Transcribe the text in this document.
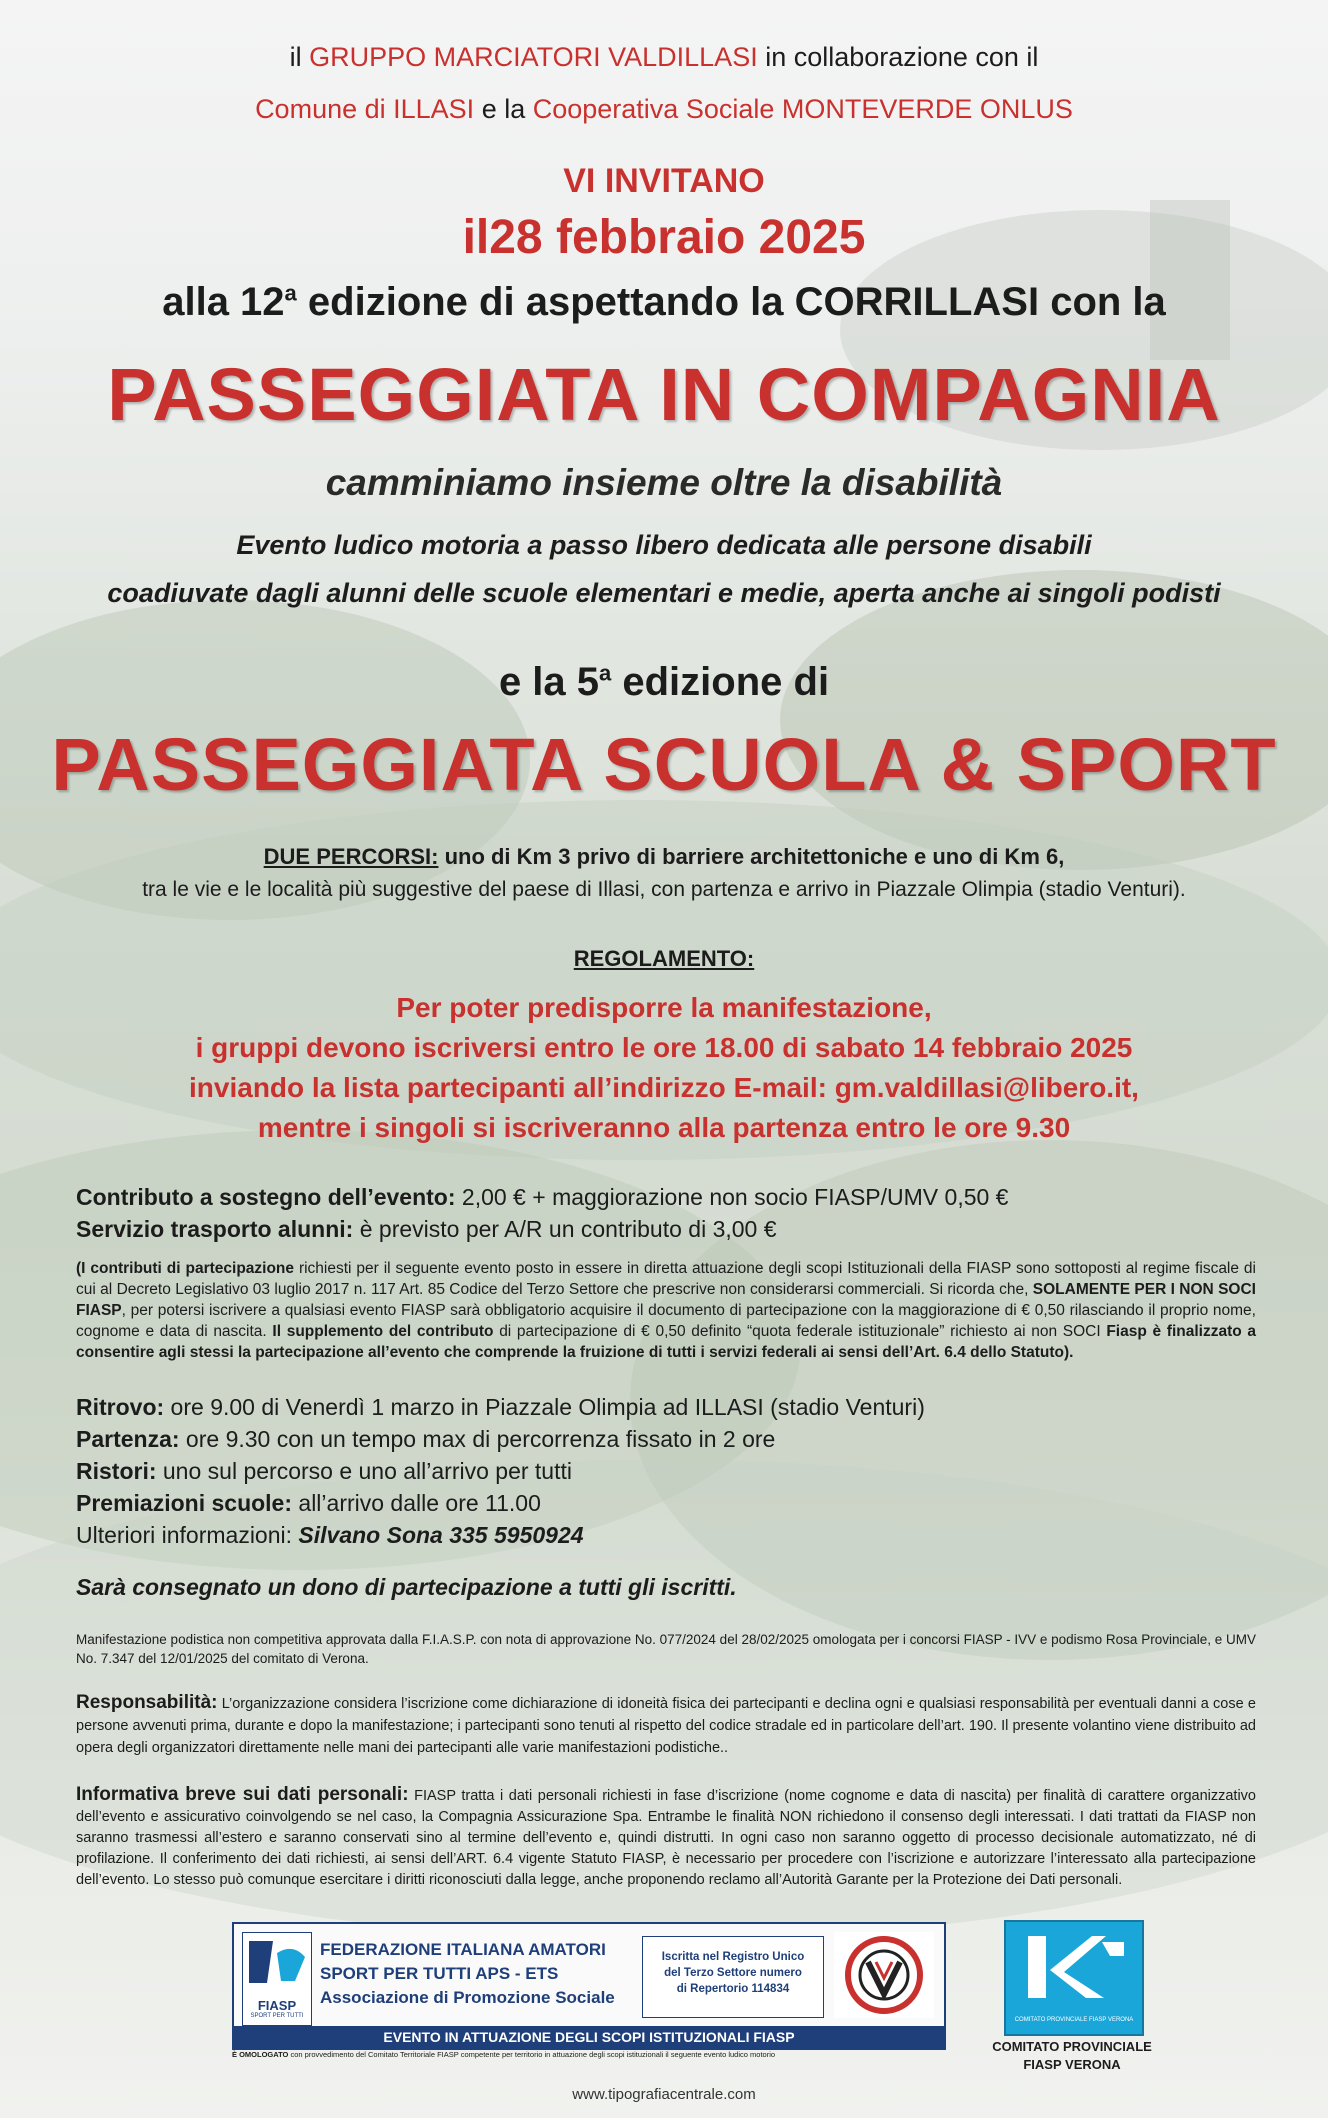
il GRUPPO MARCIATORI VALDILLASI in collaborazione con il
Comune di ILLASI e la Cooperativa Sociale MONTEVERDE ONLUS
VI INVITANO
il28 febbraio 2025
alla 12$^a$ edizione di aspettando la CORRILLASI con la
PASSEGGIATA IN COMPAGNIA
camminiamo insieme oltre la disabilità
Evento ludico motoria a passo libero dedicata alle persone disabili
coadiuvate dagli alunni delle scuole elementari e medie, aperta anche ai singoli podisti
e la 5$^a$ edizione di
PASSEGGIATA SCUOLA & SPORT
DUE PERCORSI: uno di Km 3 privo di barriere architettoniche e uno di Km 6,
tra le vie e le località più suggestive del paese di Illasi, con partenza e arrivo in Piazzale Olimpia (stadio Venturi).
REGOLAMENTO:
Per poter predisporre la manifestazione,
i gruppi devono iscriversi entro le ore 18.00 di sabato 14 febbraio 2025
inviando la lista partecipanti all’indirizzo E-mail: gm.valdillasi@libero.it,
mentre i singoli si iscriveranno alla partenza entro le ore 9.30
Contributo a sostegno dell’evento: 2,00 € + maggiorazione non socio FIASP/UMV 0,50 €
Servizio trasporto alunni: è previsto per A/R un contributo di 3,00 €
(I contributi di partecipazione richiesti per il seguente evento posto in essere in diretta attuazione degli scopi Istituzionali della FIASP sono sottoposti al regime fiscale di cui al Decreto Legislativo 03 luglio 2017 n. 117 Art. 85 Codice del Terzo Settore che prescrive non considerarsi commerciali. Si ricorda che, SOLAMENTE PER I NON SOCI FIASP, per potersi iscrivere a qualsiasi evento FIASP sarà obbligatorio acquisire il documento di partecipazione con la maggiorazione di € 0,50 rilasciando il proprio nome, cognome e data di nascita. Il supplemento del contributo di partecipazione di € 0,50 definito “quota federale istituzionale” richiesto ai non SOCI Fiasp è finalizzato a consentire agli stessi la partecipazione all’evento che comprende la fruizione di tutti i servizi federali ai sensi dell’Art. 6.4 dello Statuto).
Ritrovo: ore 9.00 di Venerdì 1 marzo in Piazzale Olimpia ad ILLASI (stadio Venturi)
Partenza: ore 9.30 con un tempo max di percorrenza fissato in 2 ore
Ristori: uno sul percorso e uno all’arrivo per tutti
Premiazioni scuole: all’arrivo dalle ore 11.00
Ulteriori informazioni: Silvano Sona 335 5950924
Sarà consegnato un dono di partecipazione a tutti gli iscritti.
Manifestazione podistica non competitiva approvata dalla F.I.A.S.P. con nota di approvazione No. 077/2024 del 28/02/2025 omologata per i concorsi FIASP - IVV e podismo Rosa Provinciale, e UMV No. 7.347 del 12/01/2025 del comitato di Verona.
Responsabilità: L’organizzazione considera l’iscrizione come dichiarazione di idoneità fisica dei partecipanti e declina ogni e qualsiasi responsabilità per eventuali danni a cose e persone avvenuti prima, durante e dopo la manifestazione; i partecipanti sono tenuti al rispetto del codice stradale ed in particolare dell’art. 190. Il presente volantino viene distribuito ad opera degli organizzatori direttamente nelle mani dei partecipanti alle varie manifestazioni podistiche..
Informativa breve sui dati personali: FIASP tratta i dati personali richiesti in fase d’iscrizione (nome cognome e data di nascita) per finalità di carattere organizzativo dell’evento e assicurativo coinvolgendo se nel caso, la Compagnia Assicurazione Spa. Entrambe le finalità NON richiedono il consenso degli interessati. I dati trattati da FIASP non saranno trasmessi all’estero e saranno conservati sino al termine dell’evento e, quindi distrutti. In ogni caso non saranno oggetto di processo decisionale automatizzato, né di profilazione. Il conferimento dei dati richiesti, ai sensi dell’ART. 6.4 vigente Statuto FIASP, è necessario per procedere con l’iscrizione e autorizzare l’interessato alla partecipazione dell’evento. Lo stesso può comunque esercitare i diritti riconosciuti dalla legge, anche proponendo reclamo all’Autorità Garante per la Protezione dei Dati personali.
FIASP
SPORT PER TUTTI
FEDERAZIONE ITALIANA AMATORI
SPORT PER TUTTI APS - ETS
Associazione di Promozione Sociale
Iscritta nel Registro Unico
del Terzo Settore numero
di Repertorio 114834
EVENTO IN ATTUAZIONE DEGLI SCOPI ISTITUZIONALI FIASP
È OMOLOGATO con provvedimento del Comitato Territoriale FIASP competente per territorio in attuazione degli scopi istituzionali il seguente evento ludico motorio
COMITATO PROVINCIALE FIASP VERONA
COMITATO PROVINCIALE
FIASP VERONA
www.tipografiacentrale.com
